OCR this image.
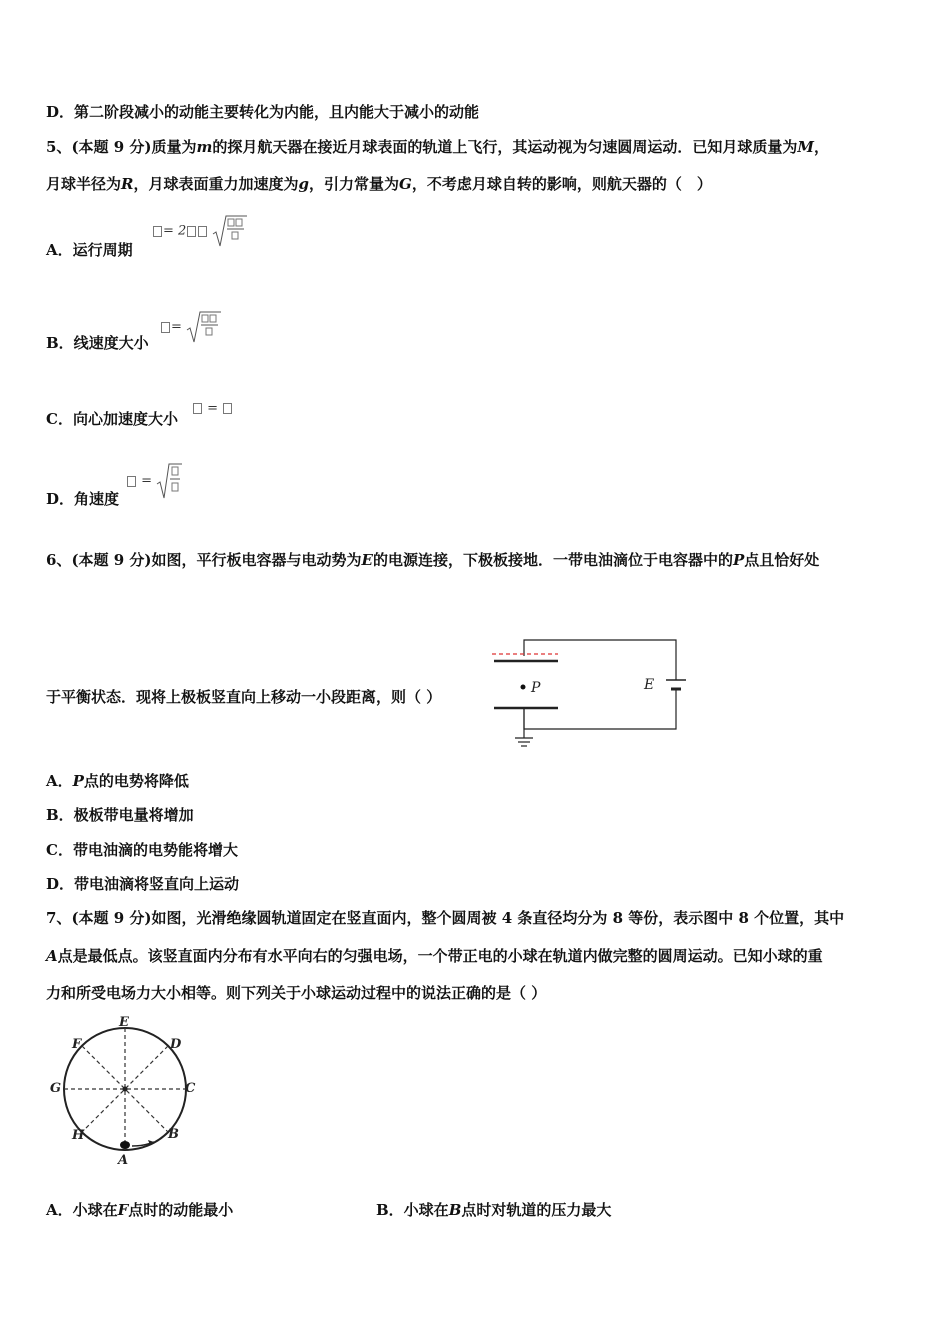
D．第二阶段减小的动能主要转化为内能，且内能大于减小的动能
5、(本题 9 分)质量为m的探月航天器在接近月球表面的轨道上飞行，其运动视为匀速圆周运动．已知月球质量为M，
月球半径为R，月球表面重力加速度为g，引力常量为G，不考虑月球自转的影响，则航天器的（　）
A．运行周期
= 2
B．线速度大小
=
C．向心加速度大小
=
D．角速度
=
6、(本题 9 分)如图，平行板电容器与电动势为E的电源连接，下极板接地．一带电油滴位于电容器中的P点且恰好处
于平衡状态．现将上极板竖直向上移动一小段距离，则（ ）	P	E
A．P点的电势将降低
B．极板带电量将增加
C．带电油滴的电势能将增大
D．带电油滴将竖直向上运动
7、(本题 9 分)如图，光滑绝缘圆轨道固定在竖直面内，整个圆周被 4 条直径均分为 8 等份，表示图中 8 个位置，其中
A点是最低点。该竖直面内分布有水平向右的匀强电场，一个带正电的小球在轨道内做完整的圆周运动。已知小球的重
力和所受电场力大小相等。则下列关于小球运动过程中的说法正确的是（ ）
E
D
C
B
A
H
G
F
A．小球在F点时的动能最小	B．小球在B点时对轨道的压力最大
